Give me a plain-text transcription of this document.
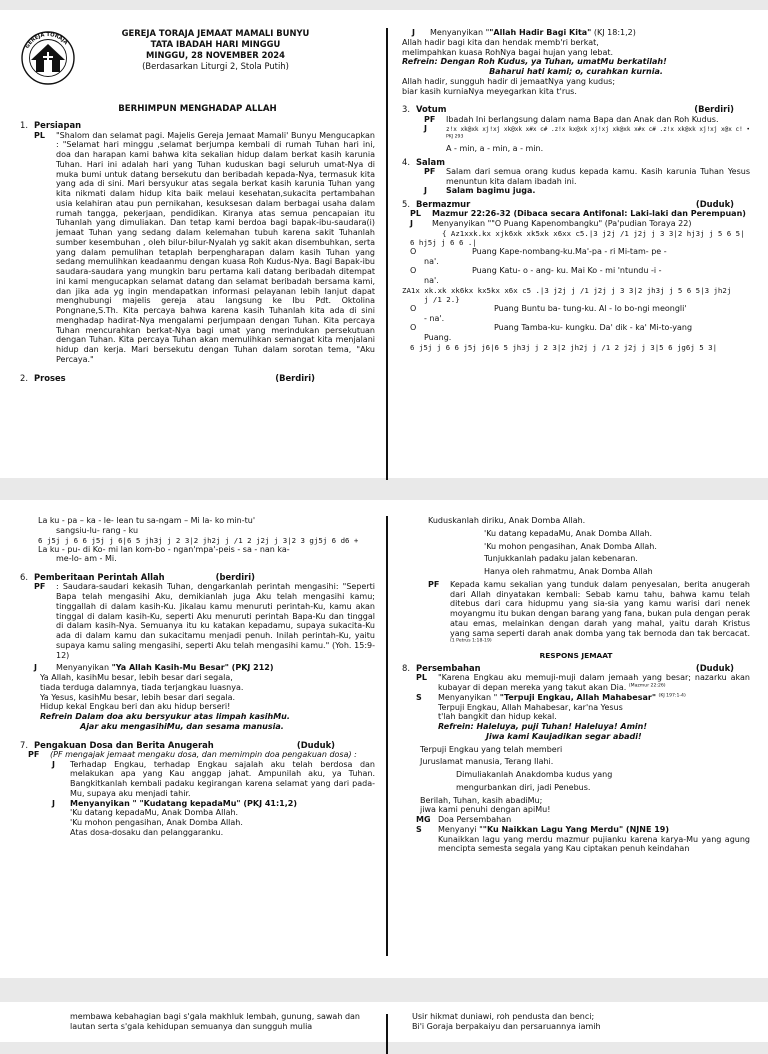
GEREJA TORAJA
GEREJA TORAJA JEMAAT MAMALI BUNYU
TATA IBADAH HARI MINGGU
MINGGU, 28 NOVEMBER 2024
(Berdasarkan Liturgi 2, Stola Putih)
BERHIMPUN MENGHADAP ALLAH
1. Persiapan
PL	"Shalom dan selamat pagi. Majelis Gereja Jemaat Mamali' Bunyu Mengucapkan : "Selamat hari minggu ,selamat berjumpa kembali di rumah Tuhan hari ini, doa dan harapan kami bahwa kita sekalian hidup dalam berkat kasih karunia Tuhan. Hari ini adalah hari yang Tuhan kuduskan bagi seluruh umat-Nya di muka bumi untuk datang bersekutu dan beribadah kepada-Nya, termasuk kita yang ada di sini. Mari bersyukur atas segala berkat kasih karunia Tuhan yang kita nikmati dalam hidup kita baik melaui kesehatan,sukacita pertambahan usia kelahiran atau pun pernikahan, kesuksesan dalam berbagai usaha dalam rumah tangga, pekerjaan, pendidikan. Kiranya atas semua pencapaian itu Tuhanlah yang dimuliakan. Dan tetap kami berdoa bagi bapak-ibu-saudara(i) jemaat Tuhan yang sedang dalam kelemahan tubuh karena sakit Tuhanlah sumber kesembuhan , oleh bilur-bilur-Nyalah yg sakit akan disembuhkan, serta yang dalam pemulihan tetaplah berpengharapan dalam kasih Tuhan yang sedang memulihkan keadaanmu dengan kuasa Roh Kudus-Nya. Bagi Bapak-ibu saudara-saudara yang mungkin baru pertama kali datang beribadah ditempat ini kami mengucapkan selamat datang dan selamat beribadah bersama kami, dan jika ada yg ingin mendapatkan informasi pelayanan lebih lanjut dapat menghubungi majelis gereja atau langsung ke Ibu Pdt. Oktolina Pongnane,S.Th. Kita percaya bahwa karena kasih Tuhanlah kita ada di sini menghadap hadirat-Nya mengalami perjumpaan dengan Tuhan. Kita percaya Tuhan mencurahkan berkat-Nya bagi umat yang merindukan persekutuan dengan Tuhan. Kita percaya Tuhan akan memulihkan semangat kita menjalani hidup dan kerja. Mari bersekutu dengan Tuhan dalam sorotan tema, "Aku Percaya."
2. Proses	(Berdiri)
J	Menyanyikan ""Allah Hadir Bagi Kita" (KJ 18:1,2)
Allah hadir bagi kita dan hendak memb'ri berkat,
melimpahkan kuasa RohNya bagai hujan yang lebat.
Refrein: Dengan Roh Kudus, ya Tuhan, umatMu berkatilah!
Baharui hati kami; o, curahkan kurnia.
Allah hadir, sungguh hadir di jemaatNya yang kudus;
biar kasih kurniaNya meyegarkan kita t'rus.
3. Votum	(Berdiri)
PF	Ibadah Ini berlangsung dalam nama Bapa dan Anak dan Roh Kudus.
J	z!x xk@xk xj!xj xk@xk x#x c# .z!x kx@xk xj!xj xk@xk x#x c# .z!x xk@xk xj!xj x@x c! • $^{PKJ 293}$
A - min, a - min, a - min.
4. Salam
PF	Salam dari semua orang kudus kepada kamu. Kasih karunia Tuhan Yesus menuntun kita dalam ibadah ini.
J	Salam bagimu juga.
5. Bermazmur	(Duduk)
PL	Mazmur 22:26-32 (Dibaca secara Antifonal: Laki-laki dan Perempuan)
J	Menyanyikan ""O Puang Kapenombangku" (Pa'pudian Toraya 22)
{ Az1xxk.kx xjk6xk xk5xk x6xx c5.|3 j2j /1 j2j j 3 3|2 hj3j j 5 6 5|
6 hj5j j 6 6 .|
O	Puang Kape-nombang-ku.Ma'-pa - ri Mi-tam- pe -
na'.
O	Puang Katu- o - ang- ku. Mai Ko - mi 'ntundu -i -
na'.
ZA1x xk.xk xk6kx kx5kx x6x c5 .|3 j2j j /1 j2j j 3 3|2 jh3j j 5 6 5|3 jh2j
j /1 2.}
O	Puang Buntu ba- tung-ku. Al - lo bo-ngi meongli'
- na'.
O	Puang Tamba-ku- kungku. Da' dik - ka' Mi-to-yang
Puang.
6 j5j j 6 6 j5j j6|6 5 jh3j j 2 3|2 jh2j j /1 2 j2j j 3|5 6 jg6j 5 3|
La ku - pa – ka - le- lean tu sa-ngam – Mi la- ko min-tu'
sangsiu-lu- rang - ku
6 j5j j 6 6 j5j j 6|6 5 jh3j j 2 3|2 jh2j j /1 2 j2j j 3|2 3 gj5j 6 d6 +
La ku - pu- di Ko- mi lan kom-bo - ngan'mpa'-peis - sa - nan ka-
me-lo- am - Mi.
6. Pemberitaan Perintah Allah	(berdiri)
PF	: Saudara-saudari kekasih Tuhan, dengarkanlah perintah mengasihi: "Seperti Bapa telah mengasihi Aku, demikianlah juga Aku telah mengasihi kamu; tinggallah di dalam kasih-Ku. Jikalau kamu menuruti perintah-Ku, kamu akan tinggal di dalam kasih-Ku, seperti Aku menuruti perintah Bapa-Ku dan tinggal di dalam kasih-Nya. Semuanya itu ku katakan kepadamu, supaya sukacita-Ku ada di dalam kamu dan sukacitamu menjadi penuh. Inilah perintah-Ku, yaitu supaya kamu saling mengasihi, seperti Aku telah mengasihi kamu." (Yoh. 15:9-12)
J	Menyanyikan "Ya Allah Kasih-Mu Besar" (PKJ 212)
Ya Allah, kasihMu besar, lebih besar dari segala,
tiada terduga dalamnya, tiada terjangkau luasnya.
Ya Yesus, kasihMu besar, lebih besar dari segala.
Hidup kekal Engkau beri dan aku hidup berseri!
Refrein Dalam doa aku bersyukur atas limpah kasihMu.
Ajar aku mengasihiMu, dan sesama manusia.
7. Pengakuan Dosa dan Berita Anugerah	(Duduk)
PF	(PF mengajak jemaat mengaku dosa, dan memimpin doa pengakuan dosa) :
J	Terhadap Engkau, terhadap Engkau sajalah aku telah berdosa dan melakukan apa yang Kau anggap jahat. Ampunilah aku, ya Tuhan. Bangkitkanlah kembali padaku kegirangan karena selamat yang dari pada-Mu, supaya aku menjadi tahir.
J	Menyanyikan " "Kudatang kepadaMu" (PKJ 41:1,2)
'Ku datang kepadaMu, Anak Domba Allah.
'Ku mohon pengasihan, Anak Domba Allah.
Atas dosa-dosaku dan pelanggaranku.
Kuduskanlah diriku, Anak Domba Allah.
'Ku datang kepadaMu, Anak Domba Allah.
'Ku mohon pengasihan, Anak Domba Allah.
Tunjukkanlah padaku jalan kebenaran.
Hanya oleh rahmatmu, Anak Domba Allah
PF	Kepada kamu sekalian yang tunduk dalam penyesalan, berita anugerah dari Allah dinyatakan kembali: Sebab kamu tahu, bahwa kamu telah ditebus dari cara hidupmu yang sia-sia yang kamu warisi dari nenek moyangmu itu bukan dengan barang yang fana, bukan pula dengan perak atau emas, melainkan dengan darah yang mahal, yaitu darah Kristus yang sama seperti darah anak domba yang tak bernoda dan tak bercacat. $^{(1 Petrus 1:18-19)}$
RESPONS JEMAAT
8. Persembahan	(Duduk)
PL	"Karena Engkau aku memuji-muji dalam jemaah yang besar; nazarku akan kubayar di depan mereka yang takut akan Dia. $^{(Mazmur 22:26)}$
S	Menyanyikan " "Terpuji Engkau, Allah Mahabesar" $^{(KJ 197:1-4)}$
Terpuji Engkau, Allah Mahabesar, kar'na Yesus
t'lah bangkit dan hidup kekal.
Refrein: Haleluya, puji Tuhan! Haleluya! Amin!
Jiwa kami Kaujadikan segar abadi!
Terpuji Engkau yang telah memberi
Juruslamat manusia, Terang Ilahi.
Dimuliakanlah Anakdomba kudus yang
mengurbankan diri, jadi Penebus.
Berilah, Tuhan, kasih abadiMu;
jiwa kami penuhi dengan apiMu!
MG Doa Persembahan
S	Menyanyi ""Ku Naikkan Lagu Yang Merdu" (NJNE 19)
Kunaikkan lagu yang merdu mazmur pujianku karena karya-Mu yang agung mencipta semesta segala yang Kau ciptakan penuh keindahan
membawa kebahagian bagi s'gala makhluk lembah, gunung, sawah dan lautan serta s'gala kehidupan semuanya dan sungguh mulia
Usir hikmat duniawi, roh pendusta dan benci;
Bi'i Goraja berpakaiyu dan persaruannya iamih
